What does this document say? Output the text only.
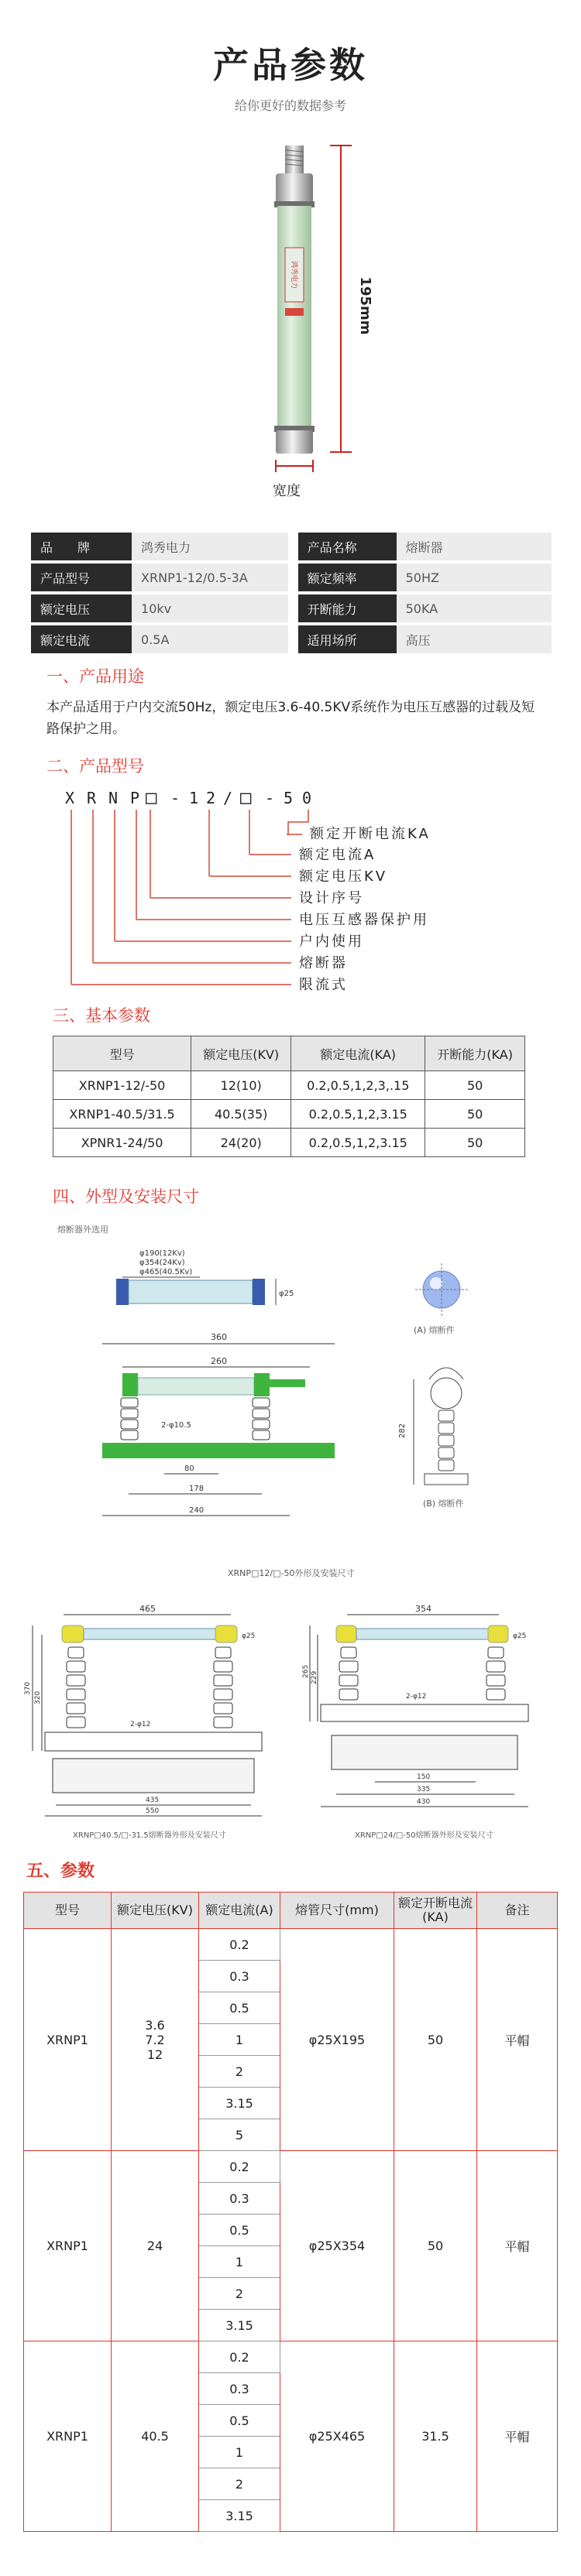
产品参数
给你更好的数据参考
鸿秀电力
195mm
宽度
品　　牌	鸿秀电力		产品名称	熔断器
产品型号	XRNP1-12/0.5-3A		额定频率	50HZ
额定电压	10kv		开断能力	50KA
额定电流	0.5A		适用场所	高压
一、产品用途
本产品适用于户内交流50Hz，额定电压3.6-40.5KV系统作为电压互感器的过载及短路保护之用。
二、产品型号
X R N P □ - 1 2 / □ - 5 0
额定开断电流KA
额定电流A
额定电压KV
设计序号
电压互感器保护用
户内使用
熔断器
限流式
三、基本参数
型号	额定电压(KV)	额定电流(KA)	开断能力(KA)
XRNP1-12/-50	12(10)	0.2,0.5,1,2,3,.15	50
XRNP1-40.5/31.5	40.5(35)	0.2,0.5,1,2,3.15	50
XPNR1-24/50	24(20)	0.2,0.5,1,2,3.15	50
四、外型及安装尺寸
熔断器外选用
φ190(12Kv)
φ354(24Kv)
φ465(40.5Kv)
φ25
(A) 熔断件
360
260
2-φ10.5
80
178
240
282
(B) 熔断件
XRNP□12/□-50外形及安装尺寸
465
φ25
2-φ12
370
320
435
550
XRNP□40.5/□-31.5熔断器外形及安装尺寸
354
φ25
2-φ12
265 229
150
335
430
XRNP□24/□-50熔断器外形及安装尺寸
五、参数
型号	额定电压(KV)	额定电流(A)	熔管尺寸(mm)	额定开断电流(KA)	备注
XRNP1	3.6
7.2
12	0.2	φ25X195	50	平帽
		0.3			
		0.5			
		1			
		2			
		3.15			
		5			
XRNP1	24	0.2	φ25X354	50	平帽
		0.3			
		0.5			
		1			
		2			
		3.15			
XRNP1	40.5	0.2	φ25X465	31.5	平帽
		0.3			
		0.5			
		1			
		2			
		3.15			
